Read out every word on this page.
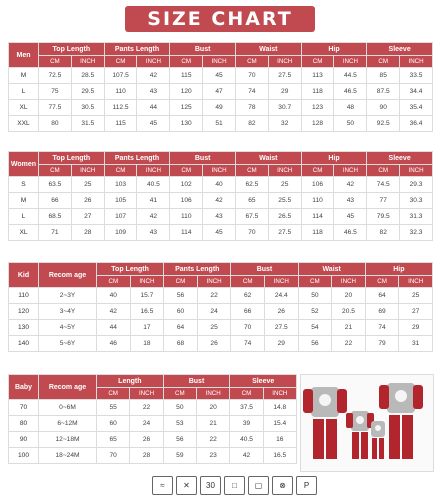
SIZE CHART
Men	Top Length		Pants Length		Bust		Waist		Hip		Sleeve	
	CM	INCH	CM	INCH	CM	INCH	CM	INCH	CM	INCH	CM	INCH
M	72.5	28.5	107.5	42	115	45	70	27.5	113	44.5	85	33.5
L	75	29.5	110	43	120	47	74	29	118	46.5	87.5	34.4
XL	77.5	30.5	112.5	44	125	49	78	30.7	123	48	90	35.4
XXL	80	31.5	115	45	130	51	82	32	128	50	92.5	36.4
Women	Top Length		Pants Length		Bust		Waist		Hip		Sleeve	
	CM	INCH	CM	INCH	CM	INCH	CM	INCH	CM	INCH	CM	INCH
S	63.5	25	103	40.5	102	40	62.5	25	106	42	74.5	29.3
M	66	26	105	41	106	42	65	25.5	110	43	77	30.3
L	68.5	27	107	42	110	43	67.5	26.5	114	45	79.5	31.3
XL	71	28	109	43	114	45	70	27.5	118	46.5	82	32.3
Kid	Recom age	Top Length		Pants Length		Bust		Waist		Hip	
		CM	INCH	CM	INCH	CM	INCH	CM	INCH	CM	INCH
110	2~3Y	40	15.7	56	22	62	24.4	50	20	64	25
120	3~4Y	42	16.5	60	24	66	26	52	20.5	69	27
130	4~5Y	44	17	64	25	70	27.5	54	21	74	29
140	5~6Y	46	18	68	26	74	29	56	22	79	31
Baby	Recom age	Length		Bust		Sleeve	
		CM	INCH	CM	INCH	CM	INCH
70	0~6M	55	22	50	20	37.5	14.8
80	6~12M	60	24	53	21	39	15.4
90	12~18M	65	26	56	22	40.5	16
100	18~24M	70	28	59	23	42	16.5
≈	✕	30	□	▢	⊗	P
